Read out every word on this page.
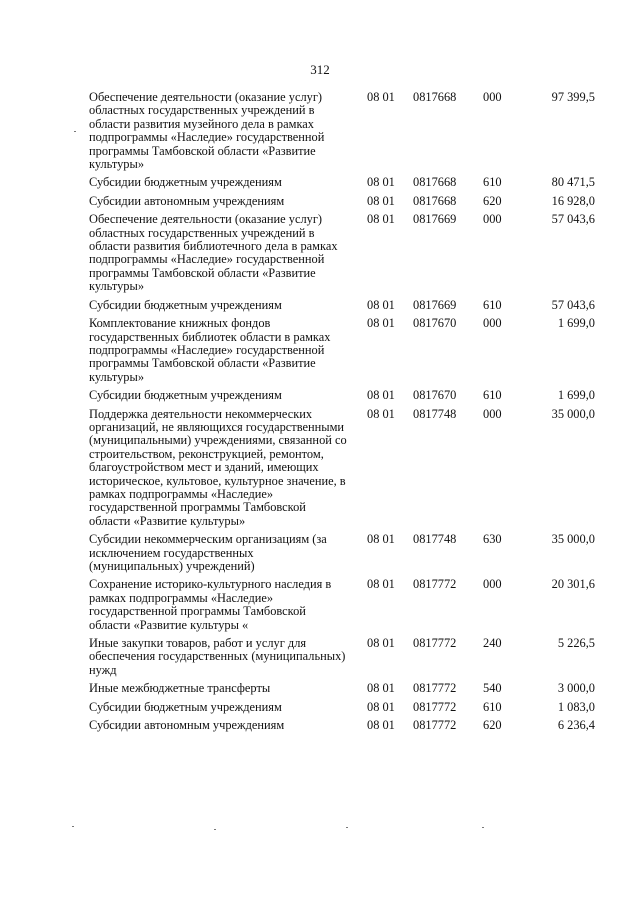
312
Обеспечение деятельности (оказание услуг) областных государственных учреждений в области развития музейного дела в рамках подпрограммы «Наследие» государственной программы Тамбовской области «Развитие культуры»	08 01	0817668	000	97 399,5
Субсидии бюджетным учреждениям	08 01	0817668	610	80 471,5
Субсидии автономным учреждениям	08 01	0817668	620	16 928,0
Обеспечение деятельности (оказание услуг) областных государственных учреждений в области развития библиотечного дела в рамках подпрограммы «Наследие» государственной программы Тамбовской области «Развитие культуры»	08 01	0817669	000	57 043,6
Субсидии бюджетным учреждениям	08 01	0817669	610	57 043,6
Комплектование книжных фондов государственных библиотек области в рамках подпрограммы «Наследие» государственной программы Тамбовской области «Развитие культуры»	08 01	0817670	000	1 699,0
Субсидии бюджетным учреждениям	08 01	0817670	610	1 699,0
Поддержка деятельности некоммерческих организаций, не являющихся государственными (муниципальными) учреждениями, связанной со строительством, реконструкцией, ремонтом, благоустройством мест и зданий, имеющих историческое, культовое, культурное значение, в рамках подпрограммы «Наследие» государственной программы Тамбовской области «Развитие культуры»	08 01	0817748	000	35 000,0
Субсидии некоммерческим организациям (за исключением государственных (муниципальных) учреждений)	08 01	0817748	630	35 000,0
Сохранение историко-культурного наследия в рамках подпрограммы «Наследие» государственной программы Тамбовской области «Развитие культуры «	08 01	0817772	000	20 301,6
Иные закупки товаров, работ и услуг для обеспечения государственных (муниципальных) нужд	08 01	0817772	240	5 226,5
Иные межбюджетные трансферты	08 01	0817772	540	3 000,0
Субсидии бюджетным учреждениям	08 01	0817772	610	1 083,0
Субсидии автономным учреждениям	08 01	0817772	620	6 236,4
